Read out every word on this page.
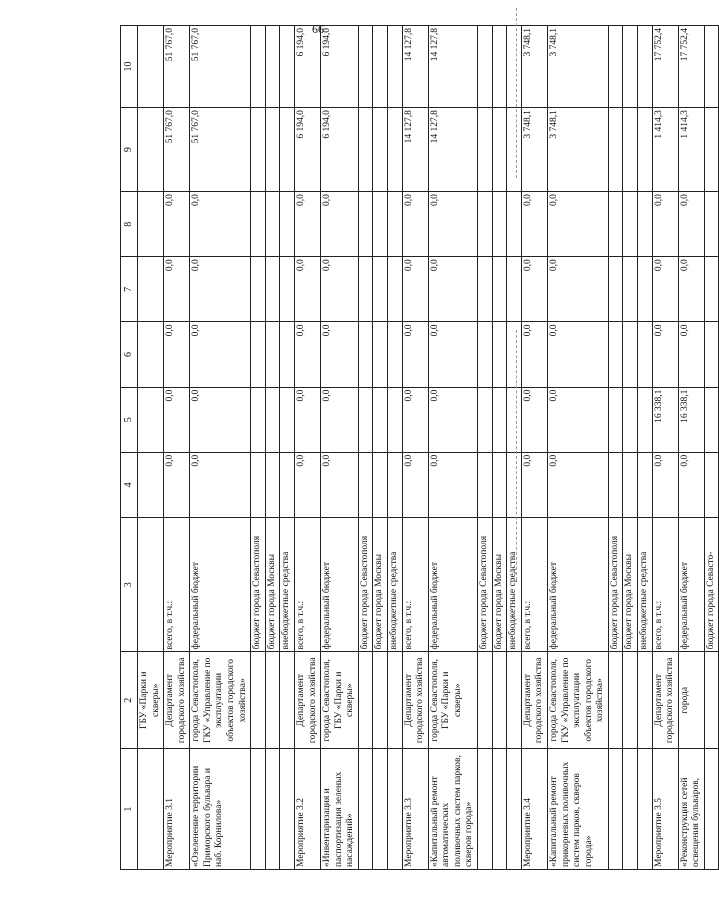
66
1	2	3	4	5	6	7	8	9	10
	ГБУ «Парки и скверы»								
Мероприятие 3.1	Департамент городского хозяйства	всего, в т.ч.:	0,0	0,0	0,0	0,0	0,0	51 767,0	51 767,0
«Озеленение территории Приморского бульвара и наб. Корнилова»	города Севастополя, ГКУ «Управление по эксплуатации объектов городского хозяйства»	федеральный бюджет	0,0	0,0	0,0	0,0	0,0	51 767,0	51 767,0
		бюджет города Севастополя							
		бюджет города Москвы							
		внебюджетные средства							
Мероприятие 3.2	Департамент городского хозяйства	всего, в т.ч.:	0,0	0,0	0,0	0,0	0,0	6 194,0	6 194,0
«Инвентаризация и паспортизация зеленых насаждений»	города Севастополя, ГБУ «Парки и скверы»	федеральный бюджет	0,0	0,0	0,0	0,0	0,0	6 194,0	6 194,0
		бюджет города Севастополя							
		бюджет города Москвы							
		внебюджетные средства							
Мероприятие 3.3	Департамент городского хозяйства	всего, в т.ч.:	0,0	0,0	0,0	0,0	0,0	14 127,8	14 127,8
«Капитальный ремонт автоматических поливочных систем парков, скверов города»	города Севастополя, ГБУ «Парки и скверы»	федеральный бюджет	0,0	0,0	0,0	0,0	0,0	14 127,8	14 127,8
		бюджет города Севастополя							
		бюджет города Москвы							
		внебюджетные средства							
Мероприятие 3.4	Департамент городского хозяйства	всего, в т.ч.:	0,0	0,0	0,0	0,0	0,0	3 748,1	3 748,1
«Капитальный ремонт прикорневых поливочных систем парков, скверов города»	города Севастополя, ГКУ «Управление по эксплуатации объектов городского хозяйства»	федеральный бюджет	0,0	0,0	0,0	0,0	0,0	3 748,1	3 748,1
		бюджет города Севастополя							
		бюджет города Москвы							
		внебюджетные средства							
Мероприятие 3.5	Департамент городского хозяйства	всего, в т.ч.:	0,0	16 338,1	0,0	0,0	0,0	1 414,3	17 752,4
«Реконструкция сетей освещения бульваров,	города	федеральный бюджет	0,0	16 338,1	0,0	0,0	0,0	1 414,3	17 752,4
		бюджет города Севасто-							
